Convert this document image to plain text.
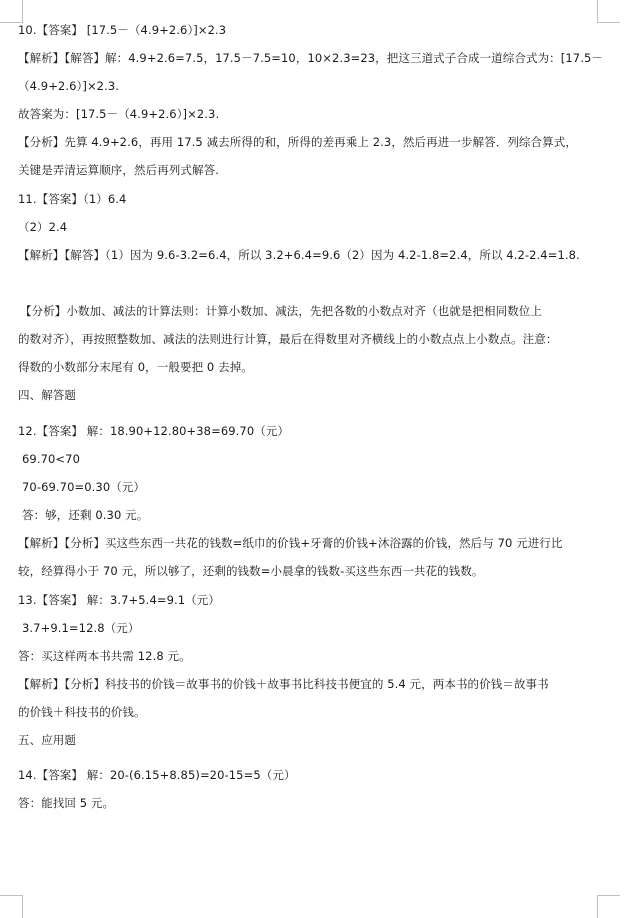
10.【答案】 [17.5－（4.9+2.6）]×2.3
【解析】【解答】解：4.9+2.6=7.5，17.5－7.5=10，10×2.3=23，把这三道式子合成一道综合式为：[17.5－
（4.9+2.6）]×2.3.
故答案为：[17.5－（4.9+2.6）]×2.3.
【分析】先算 4.9+2.6，再用 17.5 减去所得的和，所得的差再乘上 2.3，然后再进一步解答．列综合算式，
关键是弄清运算顺序，然后再列式解答.
11.【答案】（1）6.4
（2）2.4
【解析】【解答】（1）因为 9.6-3.2=6.4，所以 3.2+6.4=9.6（2）因为 4.2-1.8=2.4，所以 4.2-2.4=1.8.
【分析】小数加、减法的计算法则：计算小数加、减法，先把各数的小数点对齐（也就是把相同数位上
的数对齐），再按照整数加、减法的法则进行计算，最后在得数里对齐横线上的小数点点上小数点。注意：
得数的小数部分末尾有 0，一般要把 0 去掉。
四、解答题
12.【答案】 解：18.90+12.80+38=69.70（元）
69.70<70
70-69.70=0.30（元）
答：够，还剩 0.30 元。
【解析】【分析】买这些东西一共花的钱数=纸巾的价钱+牙膏的价钱+沐浴露的价钱，然后与 70 元进行比
较，经算得小于 70 元，所以够了，还剩的钱数=小晨拿的钱数-买这些东西一共花的钱数。
13.【答案】 解：3.7+5.4=9.1（元）
3.7+9.1=12.8（元）
答：买这样两本书共需 12.8 元。
【解析】【分析】科技书的价钱＝故事书的价钱＋故事书比科技书便宜的 5.4 元，两本书的价钱＝故事书
的价钱＋科技书的价钱。
五、应用题
14.【答案】 解：20-(6.15+8.85)=20-15=5（元）
答：能找回 5 元。
